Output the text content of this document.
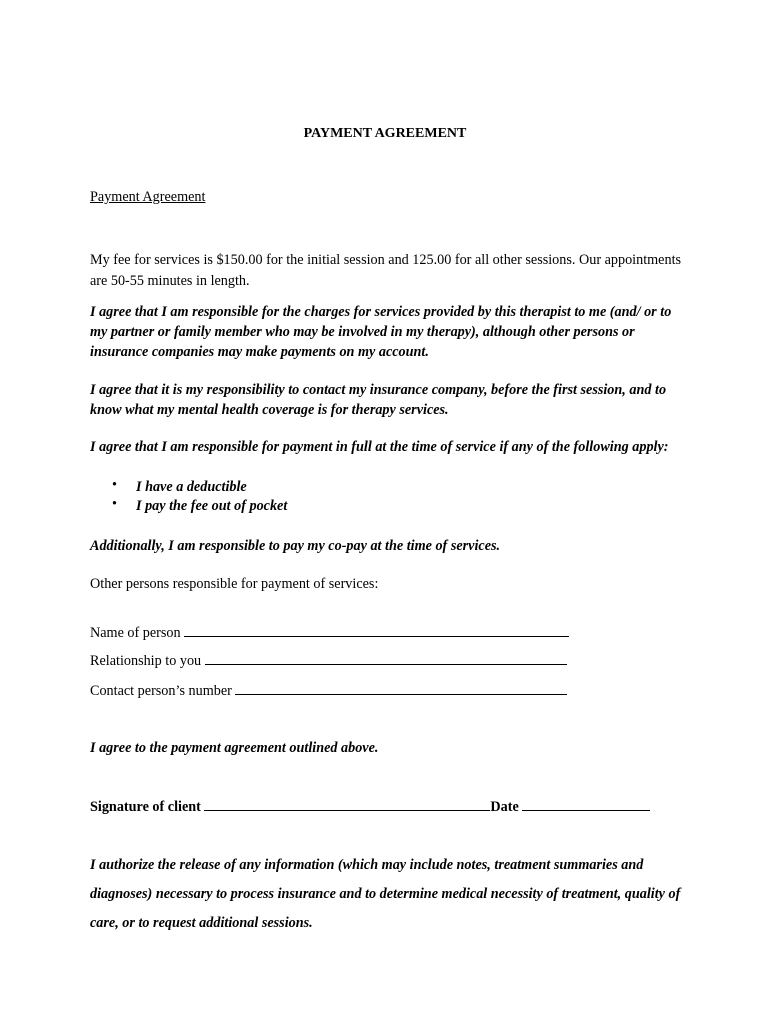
PAYMENT AGREEMENT
Payment Agreement
My fee for services is $150.00 for the initial session and 125.00 for all other sessions. Our appointments are 50-55 minutes in length.
I agree that I am responsible for the charges for services provided by this therapist to me (and/ or to my partner or family member who may be involved in my therapy), although other persons or insurance companies may make payments on my account.
I agree that it is my responsibility to contact my insurance company, before the first session, and to know what my mental health coverage is for therapy services.
I agree that I am responsible for payment in full at the time of service if any of the following apply:
• I have a deductible
• I pay the fee out of pocket
Additionally, I am responsible to pay my co-pay at the time of services.
Other persons responsible for payment of services:
Name of person
Relationship to you
Contact person’s number
I agree to the payment agreement outlined above.
Signature of client	Date
I authorize the release of any information (which may include notes, treatment summaries and diagnoses) necessary to process insurance and to determine medical necessity of treatment, quality of care, or to request additional sessions.
